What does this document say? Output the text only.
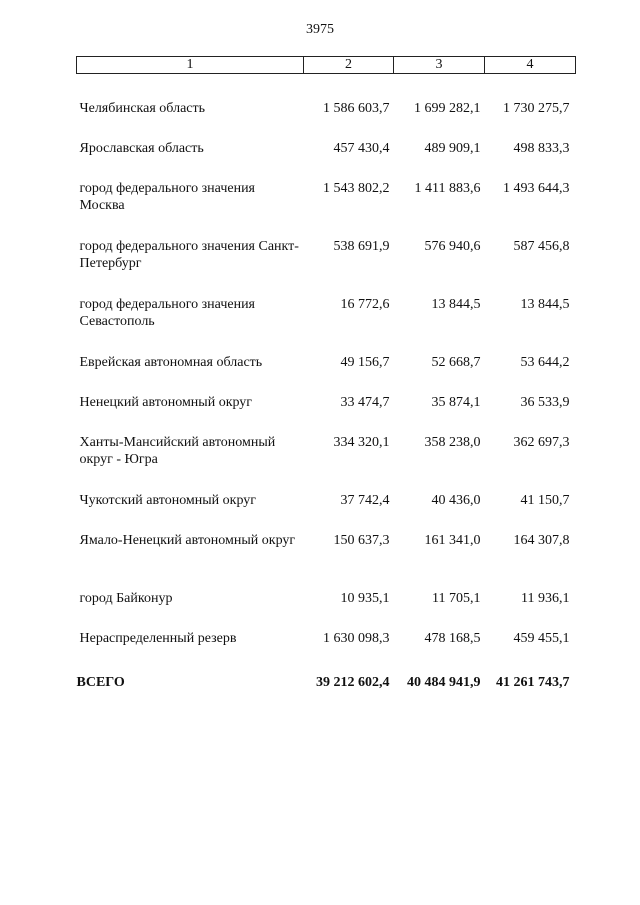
3975
1	2	3	4

Челябинская область	1 586 603,7	1 699 282,1	1 730 275,7
Ярославская область	457 430,4	489 909,1	498 833,3
город федерального значения Москва	1 543 802,2	1 411 883,6	1 493 644,3
город федерального значения Санкт-Петербург	538 691,9	576 940,6	587 456,8
город федерального значения Севастополь	16 772,6	13 844,5	13 844,5
Еврейская автономная область	49 156,7	52 668,7	53 644,2
Ненецкий автономный округ	33 474,7	35 874,1	36 533,9
Ханты-Мансийский автономный округ - Югра	334 320,1	358 238,0	362 697,3
Чукотский автономный округ	37 742,4	40 436,0	41 150,7
Ямало-Ненецкий автономный округ	150 637,3	161 341,0	164 307,8
город Байконур	10 935,1	11 705,1	11 936,1
Нераспределенный резерв	1 630 098,3	478 168,5	459 455,1
ВСЕГО	39 212 602,4	40 484 941,9	41 261 743,7
